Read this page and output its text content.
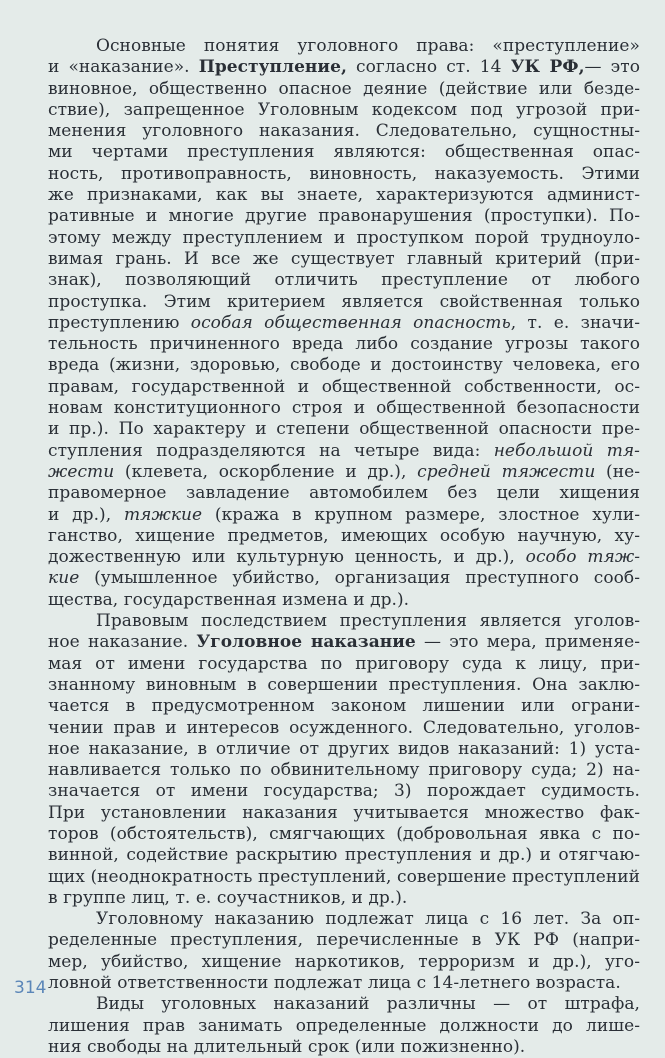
Основные понятия уголовного права: «преступление»
и «наказание». Преступление, согласно ст. 14 УК РФ,— это
виновное, общественно опасное деяние (действие или безде-
ствие), запрещенное Уголовным кодексом под угрозой при-
менения уголовного наказания. Следовательно, сущностны-
ми чертами преступления являются: общественная опас-
ность, противоправность, виновность, наказуемость. Этими
же признаками, как вы знаете, характеризуются админист-
ративные и многие другие правонарушения (проступки). По-
этому между преступлением и проступком порой трудноуло-
вимая грань. И все же существует главный критерий (при-
знак), позволяющий отличить преступление от любого
проступка. Этим критерием является свойственная только
преступлению особая общественная опасность, т. е. значи-
тельность причиненного вреда либо создание угрозы такого
вреда (жизни, здоровью, свободе и достоинству человека, его
правам, государственной и общественной собственности, ос-
новам конституционного строя и общественной безопасности
и пр.). По характеру и степени общественной опасности пре-
ступления подразделяются на четыре вида: небольшой тя-
жести (клевета, оскорбление и др.), средней тяжести (не-
правомерное завладение автомобилем без цели хищения
и др.), тяжкие (кража в крупном размере, злостное хули-
ганство, хищение предметов, имеющих особую научную, ху-
дожественную или культурную ценность, и др.), особо тяж-
кие (умышленное убийство, организация преступного сооб-
щества, государственная измена и др.).
Правовым последствием преступления является уголов-
ное наказание. Уголовное наказание — это мера, применяе-
мая от имени государства по приговору суда к лицу, при-
знанному виновным в совершении преступления. Она заклю-
чается в предусмотренном законом лишении или ограни-
чении прав и интересов осужденного. Следовательно, уголов-
ное наказание, в отличие от других видов наказаний: 1) уста-
навливается только по обвинительному приговору суда; 2) на-
значается от имени государства; 3) порождает судимость.
При установлении наказания учитывается множество фак-
торов (обстоятельств), смягчающих (добровольная явка с по-
винной, содействие раскрытию преступления и др.) и отягчаю-
щих (неоднократность преступлений, совершение преступлений
в группе лиц, т. е. соучастников, и др.).
Уголовному наказанию подлежат лица с 16 лет. За оп-
ределенные преступления, перечисленные в УК РФ (напри-
мер, убийство, хищение наркотиков, терроризм и др.), уго-
ловной ответственности подлежат лица с 14-летнего возраста.
Виды уголовных наказаний различны — от штрафа,
лишения прав занимать определенные должности до лише-
ния свободы на длительный срок (или пожизненно).
314
